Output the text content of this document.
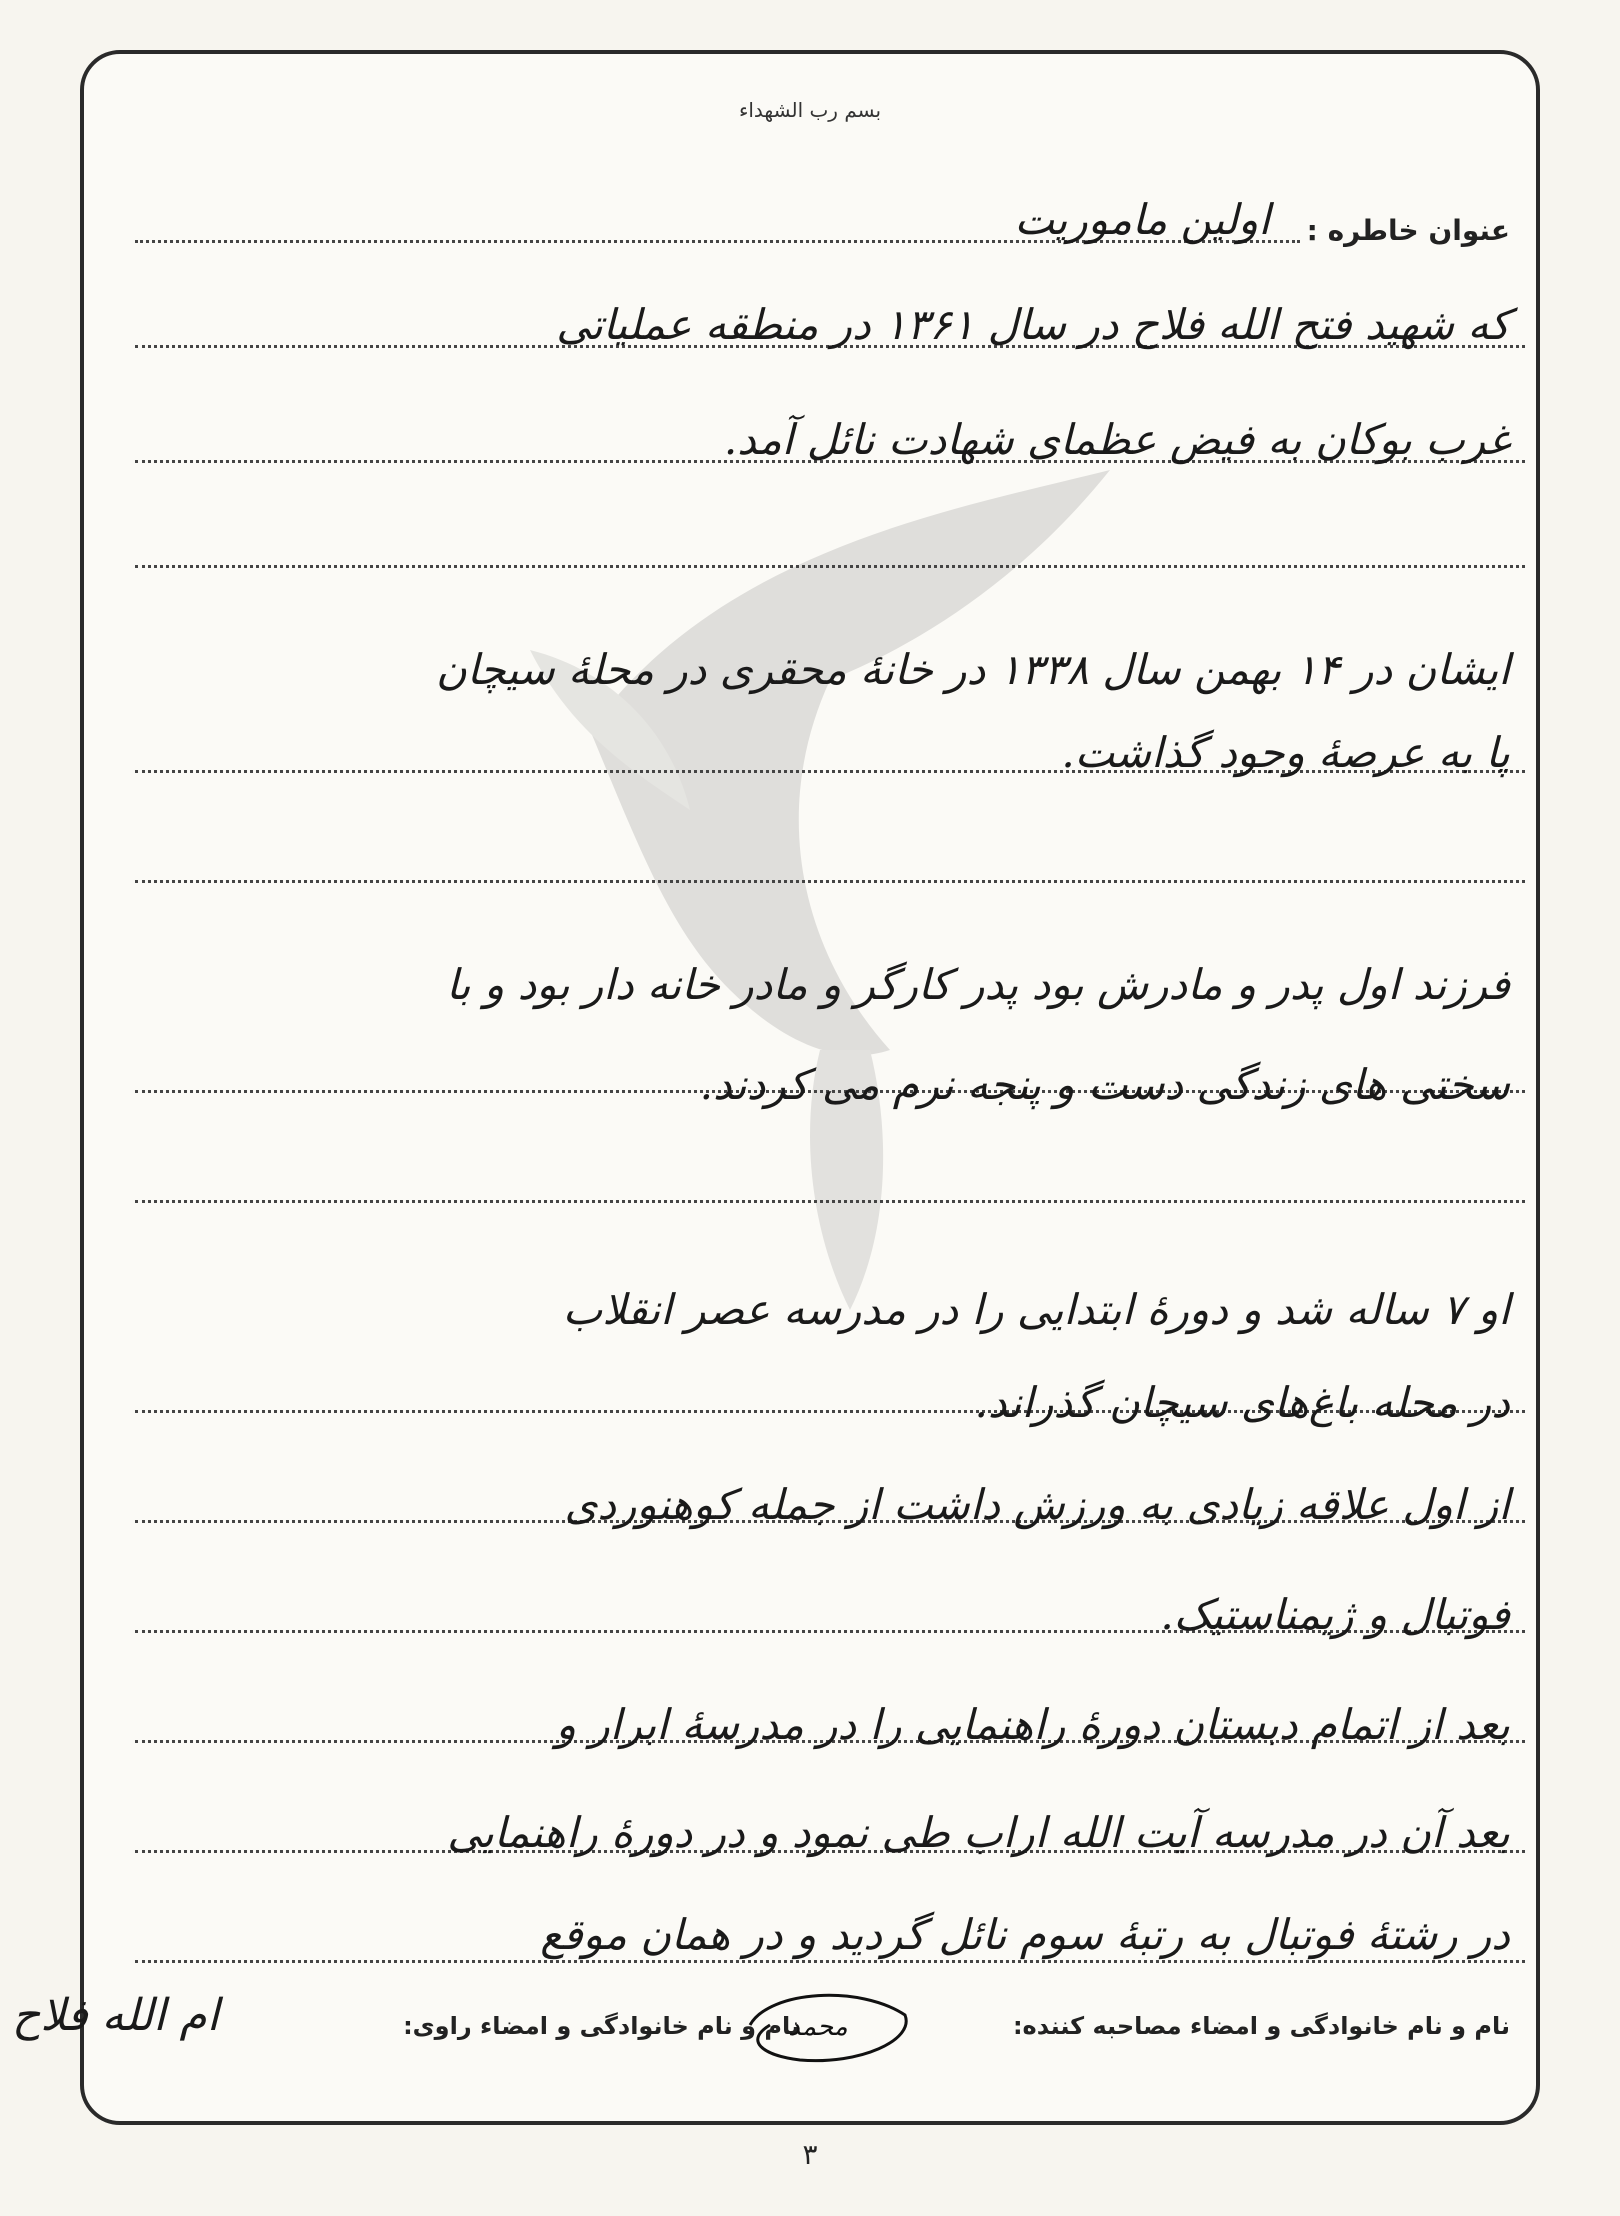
بسم رب الشهداء
عنوان خاطره :
اولین ماموریت
که شهید فتح الله فلاح در سال ۱۳۶۱ در منطقه عملیاتی
غرب بوکان به فیض عظمای شهادت نائل آمد.
ایشان در ۱۴ بهمن سال ۱۳۳۸ در خانهٔ محقری در محلهٔ سیچان
پا به عرصهٔ وجود گذاشت.
فرزند اول پدر و مادرش بود پدر کارگر و مادر خانه دار بود و با
سختی های زندگی دست و پنجه نرم می کردند.
او ۷ ساله شد و دورهٔ ابتدایی را در مدرسه عصر انقلاب
در محله باغ‌های سیچان گذراند.
از اول علاقه زیادی به ورزش داشت از جمله کوهنوردی
فوتبال و ژیمناستیک.
بعد از اتمام دبستان دورهٔ راهنمایی را در مدرسهٔ ابرار و
بعد آن در مدرسه آیت الله اراب طی نمود و در دورهٔ راهنمایی
در رشتهٔ فوتبال به رتبهٔ سوم نائل گردید و در همان موقع
نام و نام خانوادگی و امضاء مصاحبه کننده:
نام و نام خانوادگی و امضاء راوی:
محمد
ام الله فلاح
۳
